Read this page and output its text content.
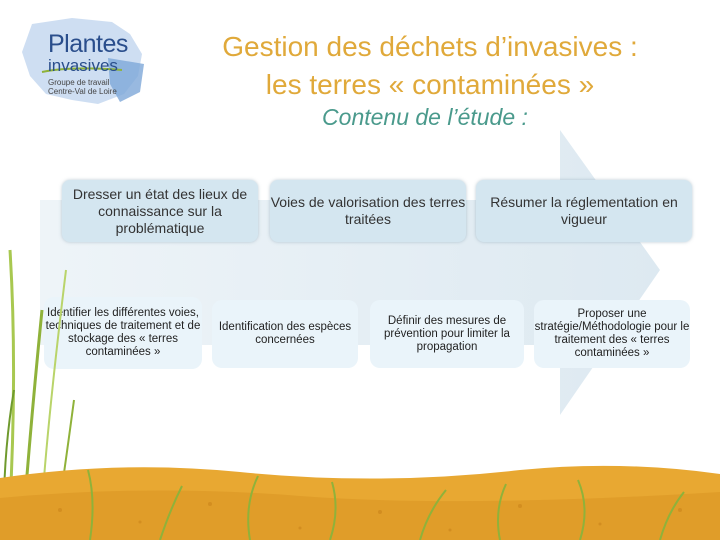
Plantes
invasives
Groupe de travail Centre-Val de Loire
Gestion des déchets d’invasives :
les terres « contaminées »
Contenu de l’étude :
Dresser un état des lieux de connaissance sur la problématique
Voies de valorisation des terres traitées
Résumer la réglementation en vigueur
Identifier les différentes voies, techniques de traitement et de stockage des « terres contaminées »
Identification des espèces concernées
Définir des mesures de prévention pour limiter la propagation
Proposer une stratégie/Méthodologie pour le traitement des « terres contaminées »
